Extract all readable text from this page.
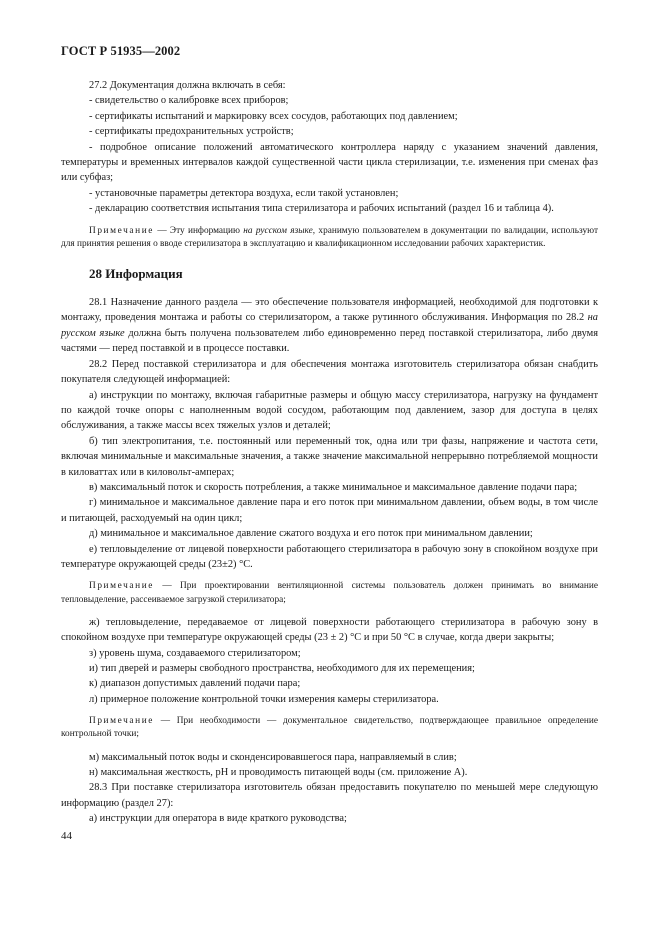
ГОСТ Р 51935—2002

27.2 Документация должна включать в себя:

- свидетельство о калибровке всех приборов;

- сертификаты испытаний и маркировку всех сосудов, работающих под давлением;

- сертификаты предохранительных устройств;

- подробное описание положений автоматического контроллера наряду с указанием значений давления, температуры и временных интервалов каждой существенной части цикла стерилизации, т.е. изменения при сменах фаз или субфаз;

- установочные параметры детектора воздуха, если такой установлен;

- декларацию соответствия испытания типа стерилизатора и рабочих испытаний (раздел 16 и таблица 4).

Примечание — Эту информацию на русском языке, хранимую пользователем в документации по валидации, используют для принятия решения о вводе стерилизатора в эксплуатацию и квалификационном исследовании рабочих характеристик.

28 Информация

28.1 Назначение данного раздела — это обеспечение пользователя информацией, необходимой для подготовки к монтажу, проведения монтажа и работы со стерилизатором, а также рутинного обслуживания. Информация по 28.2 на русском языке должна быть получена пользователем либо единовременно перед поставкой стерилизатора, либо двумя частями — перед поставкой и в процессе поставки.

28.2 Перед поставкой стерилизатора и для обеспечения монтажа изготовитель стерилизатора обязан снабдить покупателя следующей информацией:

а) инструкции по монтажу, включая габаритные размеры и общую массу стерилизатора, нагрузку на фундамент по каждой точке опоры с наполненным водой сосудом, работающим под давлением, зазор для доступа в целях обслуживания, а также массы всех тяжелых узлов и деталей;

б) тип электропитания, т.е. постоянный или переменный ток, одна или три фазы, напряжение и частота сети, включая минимальные и максимальные значения, а также значение максимальной непрерывно потребляемой мощности в киловаттах или в киловольт-амперах;

в) максимальный поток и скорость потребления, а также минимальное и максимальное давление подачи пара;

г) минимальное и максимальное давление пара и его поток при минимальном давлении, объем воды, в том числе и питающей, расходуемый на один цикл;

д) минимальное и максимальное давление сжатого воздуха и его поток при минимальном давлении;

е) тепловыделение от лицевой поверхности работающего стерилизатора в рабочую зону в спокойном воздухе при температуре окружающей среды (23±2) °С.

Примечание — При проектировании вентиляционной системы пользователь должен принимать во внимание тепловыделение, рассеиваемое загрузкой стерилизатора;

ж) тепловыделение, передаваемое от лицевой поверхности работающего стерилизатора в рабочую зону в спокойном воздухе при температуре окружающей среды (23 ± 2) °С и при 50 °С в случае, когда двери закрыты;

з) уровень шума, создаваемого стерилизатором;

и) тип дверей и размеры свободного пространства, необходимого для их перемещения;

к) диапазон допустимых давлений подачи пара;

л) примерное положение контрольной точки измерения камеры стерилизатора.

Примечание — При необходимости — документальное свидетельство, подтверждающее правильное определение контрольной точки;

м) максимальный поток воды и сконденсировавшегося пара, направляемый в слив;

н) максимальная жесткость, pH и проводимость питающей воды (см. приложение А).

28.3 При поставке стерилизатора изготовитель обязан предоставить покупателю по меньшей мере следующую информацию (раздел 27):

а) инструкции для оператора в виде краткого руководства;

44
